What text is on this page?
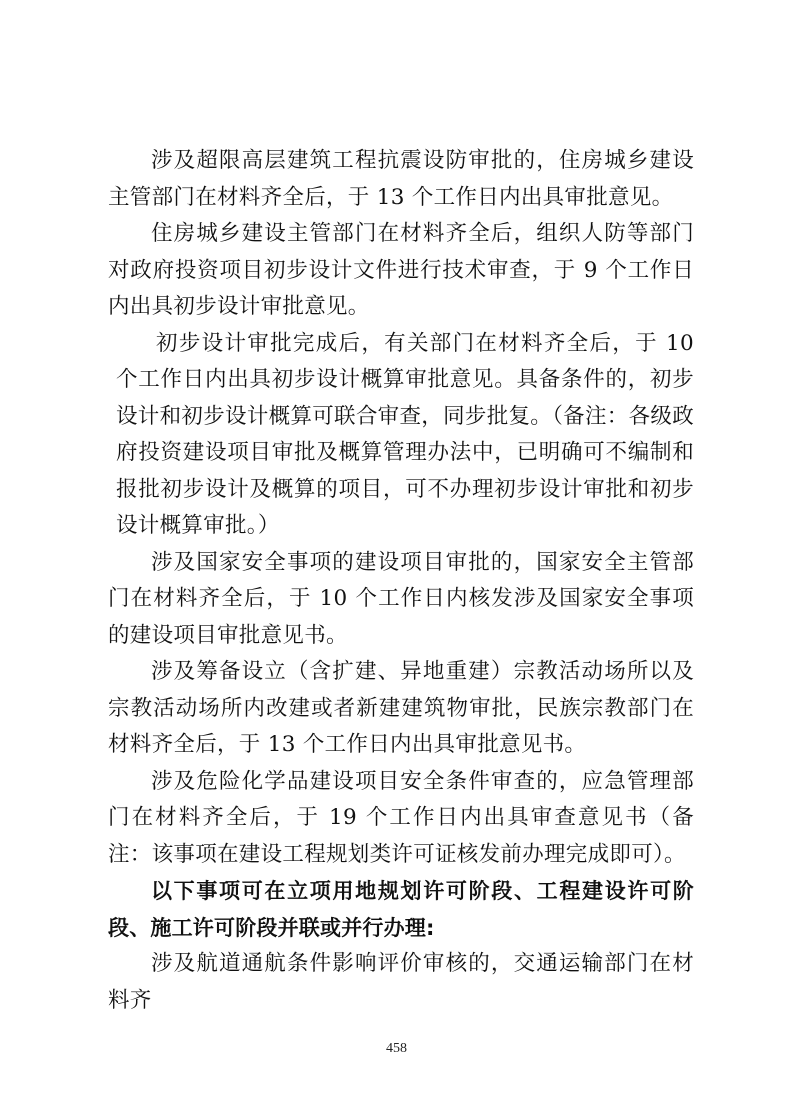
涉及超限高层建筑工程抗震设防审批的，住房城乡建设主管部门在材料齐全后，于 13 个工作日内出具审批意见。

住房城乡建设主管部门在材料齐全后，组织人防等部门对政府投资项目初步设计文件进行技术审查，于 9 个工作日内出具初步设计审批意见。

初步设计审批完成后，有关部门在材料齐全后，于 10 个工作日内出具初步设计概算审批意见。具备条件的，初步设计和初步设计概算可联合审查，同步批复。（备注：各级政府投资建设项目审批及概算管理办法中，已明确可不编制和报批初步设计及概算的项目，可不办理初步设计审批和初步设计概算审批。）

涉及国家安全事项的建设项目审批的，国家安全主管部门在材料齐全后，于 10 个工作日内核发涉及国家安全事项的建设项目审批意见书。

涉及筹备设立（含扩建、异地重建）宗教活动场所以及宗教活动场所内改建或者新建建筑物审批，民族宗教部门在材料齐全后，于 13 个工作日内出具审批意见书。

涉及危险化学品建设项目安全条件审查的，应急管理部门在材料齐全后，于 19 个工作日内出具审查意见书（备注：该事项在建设工程规划类许可证核发前办理完成即可）。

以下事项可在立项用地规划许可阶段、工程建设许可阶段、施工许可阶段并联或并行办理:

涉及航道通航条件影响评价审核的，交通运输部门在材料齐

458
